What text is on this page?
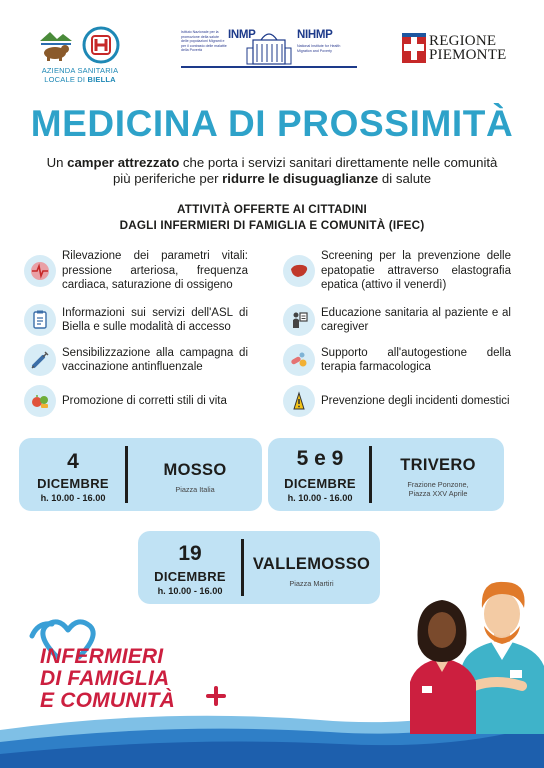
AZIENDA SANITARIA
LOCALE DI BIELLA
Istituto Nazionale per la promozione della salute delle popolazioni Migranti e per il contrasto delle malattie della Povertà
INMP	NIHMP
National Institute for Health Migration and Poverty
REGIONE
PIEMONTE
MEDICINA DI PROSSIMITÀ
Un camper attrezzato che porta i servizi sanitari direttamente nelle comunità più periferiche per ridurre le disuguaglianze di salute
ATTIVITÀ OFFERTE AI CITTADINI
DAGLI INFERMIERI DI FAMIGLIA E COMUNITÀ (IFEC)
Rilevazione dei parametri vitali: pressione arteriosa, frequenza cardiaca, saturazione di ossigeno
Informazioni sui servizi dell'ASL di Biella e sulle modalità di accesso
Sensibilizzazione alla campagna di vaccinazione antinfluenzale
Promozione di corretti stili di vita
Screening per la prevenzione delle epatopatie attraverso elastografia epatica (attivo il venerdì)
Educazione sanitaria al paziente e al caregiver
Supporto all'autogestione della terapia farmacologica
Prevenzione degli incidenti domestici
4
DICEMBRE
h. 10.00 - 16.00
MOSSO
Piazza Italia
5 e 9
DICEMBRE
h. 10.00 - 16.00
TRIVERO
Frazione Ponzone,
Piazza XXV Aprile
19
DICEMBRE
h. 10.00 - 16.00
VALLEMOSSO
Piazza Martiri
INFERMIERI
DI FAMIGLIA
E COMUNITÀ
